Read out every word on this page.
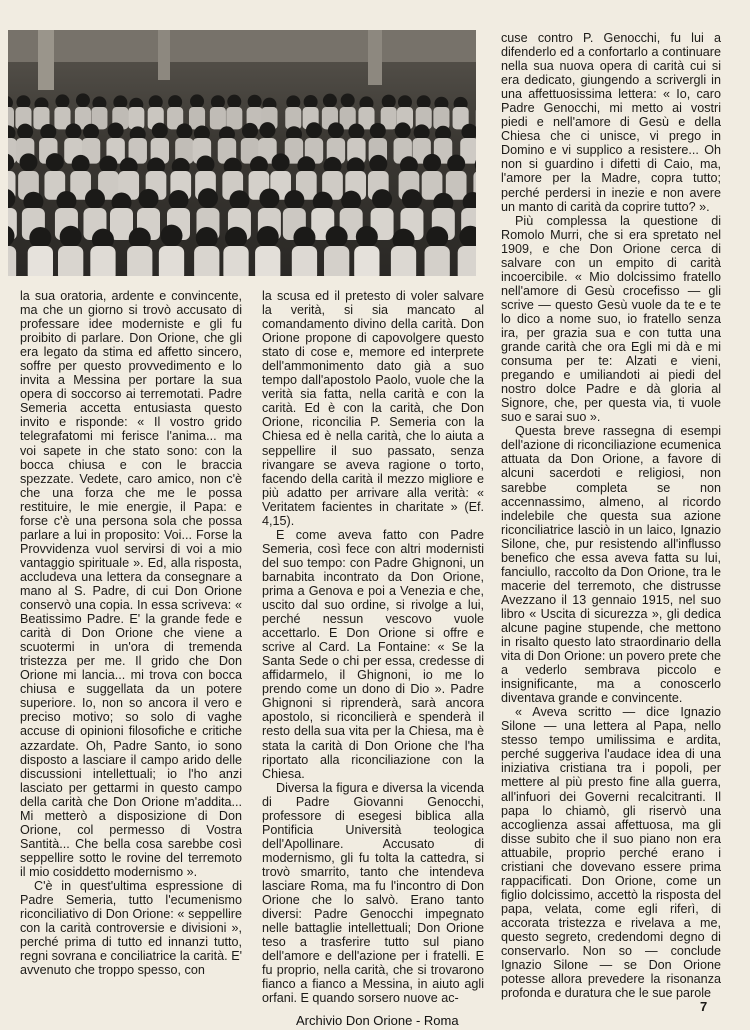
la sua oratoria, ardente e convincente, ma che un giorno si trovò accusato di professare idee moderniste e gli fu proibito di parlare. Don Orione, che gli era legato da stima ed affetto sincero, soffre per questo provvedimento e lo invita a Messina per portare la sua opera di soccorso ai terremotati. Padre Semeria accetta entusiasta questo invito e risponde: « Il vostro grido telegrafatomi mi ferisce l'anima... ma voi sapete in che stato sono: con la bocca chiusa e con le braccia spezzate. Vedete, caro amico, non c'è che una forza che me le possa restituire, le mie energie, il Papa: e forse c'è una persona sola che possa parlare a lui in proposito: Voi... Forse la Provvidenza vuol servirsi di voi a mio vantaggio spirituale ». Ed, alla risposta, accludeva una lettera da consegnare a mano al S. Padre, di cui Don Orione conservò una copia. In essa scriveva: « Beatissimo Padre. E' la grande fede e carità di Don Orione che viene a scuotermi in un'ora di tremenda tristezza per me. Il grido che Don Orione mi lancia... mi trova con bocca chiusa e suggellata da un potere superiore. Io, non so ancora il vero e preciso motivo; so solo di vaghe accuse di opinioni filosofiche e critiche azzardate. Oh, Padre Santo, io sono disposto a lasciare il campo arido delle discussioni intellettuali; io l'ho anzi lasciato per gettarmi in questo campo della carità che Don Orione m'addita... Mi metterò a disposizione di Don Orione, col permesso di Vostra Santità... Che bella cosa sarebbe così seppellire sotto le rovine del terremoto il mio cosiddetto modernismo ».

C'è in quest'ultima espressione di Padre Semeria, tutto l'ecumenismo riconciliativo di Don Orione: « seppellire con la carità controversie e divisioni », perché prima di tutto ed innanzi tutto, regni sovrana e conciliatrice la carità. E' avvenuto che troppo spesso, con

la scusa ed il pretesto di voler salvare la verità, si sia mancato al comandamento divino della carità. Don Orione propone di capovolgere questo stato di cose e, memore ed interprete dell'ammonimento dato già a suo tempo dall'apostolo Paolo, vuole che la verità sia fatta, nella carità e con la carità. Ed è con la carità, che Don Orione, riconcilia P. Semeria con la Chiesa ed è nella carità, che lo aiuta a seppellire il suo passato, senza rivangare se aveva ragione o torto, facendo della carità il mezzo migliore e più adatto per arrivare alla verità: « Veritatem facientes in charitate » (Ef. 4,15).

E come aveva fatto con Padre Semeria, così fece con altri modernisti del suo tempo: con Padre Ghignoni, un barnabita incontrato da Don Orione, prima a Genova e poi a Venezia e che, uscito dal suo ordine, si rivolge a lui, perché nessun vescovo vuole accettarlo. E Don Orione si offre e scrive al Card. La Fontaine: « Se la Santa Sede o chi per essa, credesse di affidarmelo, il Ghignoni, io me lo prendo come un dono di Dio ». Padre Ghignoni si riprenderà, sarà ancora apostolo, si riconcilierà e spenderà il resto della sua vita per la Chiesa, ma è stata la carità di Don Orione che l'ha riportato alla riconciliazione con la Chiesa.

Diversa la figura e diversa la vicenda di Padre Giovanni Genocchi, professore di esegesi biblica alla Pontificia Università teologica dell'Apollinare. Accusato di modernismo, gli fu tolta la cattedra, si trovò smarrito, tanto che intendeva lasciare Roma, ma fu l'incontro di Don Orione che lo salvò. Erano tanto diversi: Padre Genocchi impegnato nelle battaglie intellettuali; Don Orione teso a trasferire tutto sul piano dell'amore e dell'azione per i fratelli. E fu proprio, nella carità, che si trovarono fianco a fianco a Messina, in aiuto agli orfani. E quando sorsero nuove ac-

cuse contro P. Genocchi, fu lui a difenderlo ed a confortarlo a continuare nella sua nuova opera di carità cui si era dedicato, giungendo a scrivergli in una affettuosissima lettera: « Io, caro Padre Genocchi, mi metto ai vostri piedi e nell'amore di Gesù e della Chiesa che ci unisce, vi prego in Domino e vi supplico a resistere... Oh non si guardino i difetti di Caio, ma, l'amore per la Madre, copra tutto; perché perdersi in inezie e non avere un manto di carità da coprire tutto? ».

Più complessa la questione di Romolo Murri, che si era spretato nel 1909, e che Don Orione cerca di salvare con un empito di carità incoercibile. « Mio dolcissimo fratello nell'amore di Gesù crocefisso — gli scrive — questo Gesù vuole da te e te lo dico a nome suo, io fratello senza ira, per grazia sua e con tutta una grande carità che ora Egli mi dà e mi consuma per te: Alzati e vieni, pregando e umiliandoti ai piedi del nostro dolce Padre e dà gloria al Signore, che, per questa via, ti vuole suo e sarai suo ».

Questa breve rassegna di esempi dell'azione di riconciliazione ecumenica attuata da Don Orione, a favore di alcuni sacerdoti e religiosi, non sarebbe completa se non accennassimo, almeno, al ricordo indelebile che questa sua azione riconciliatrice lasciò in un laico, Ignazio Silone, che, pur resistendo all'influsso benefico che essa aveva fatta su lui, fanciullo, raccolto da Don Orione, tra le macerie del terremoto, che distrusse Avezzano il 13 gennaio 1915, nel suo libro « Uscita di sicurezza », gli dedica alcune pagine stupende, che mettono in risalto questo lato straordinario della vita di Don Orione: un povero prete che a vederlo sembrava piccolo e insignificante, ma a conoscerlo diventava grande e convincente.

« Aveva scritto — dice Ignazio Silone — una lettera al Papa, nello stesso tempo umilissima e ardita, perché suggeriva l'audace idea di una iniziativa cristiana tra i popoli, per mettere al più presto fine alla guerra, all'infuori dei Governi recalcitranti. Il papa lo chiamò, gli riservò una accoglienza assai affettuosa, ma gli disse subito che il suo piano non era attuabile, proprio perché erano i cristiani che dovevano essere prima rappacificati. Don Orione, come un figlio dolcissimo, accettò la risposta del papa, velata, come egli riferì, di accorata tristezza e rivelava a me, questo segreto, credendomi degno di conservarlo. Non so — conclude Ignazio Silone — se Don Orione potesse allora prevedere la risonanza profonda e duratura che le sue parole

7
Archivio Don Orione - Roma
